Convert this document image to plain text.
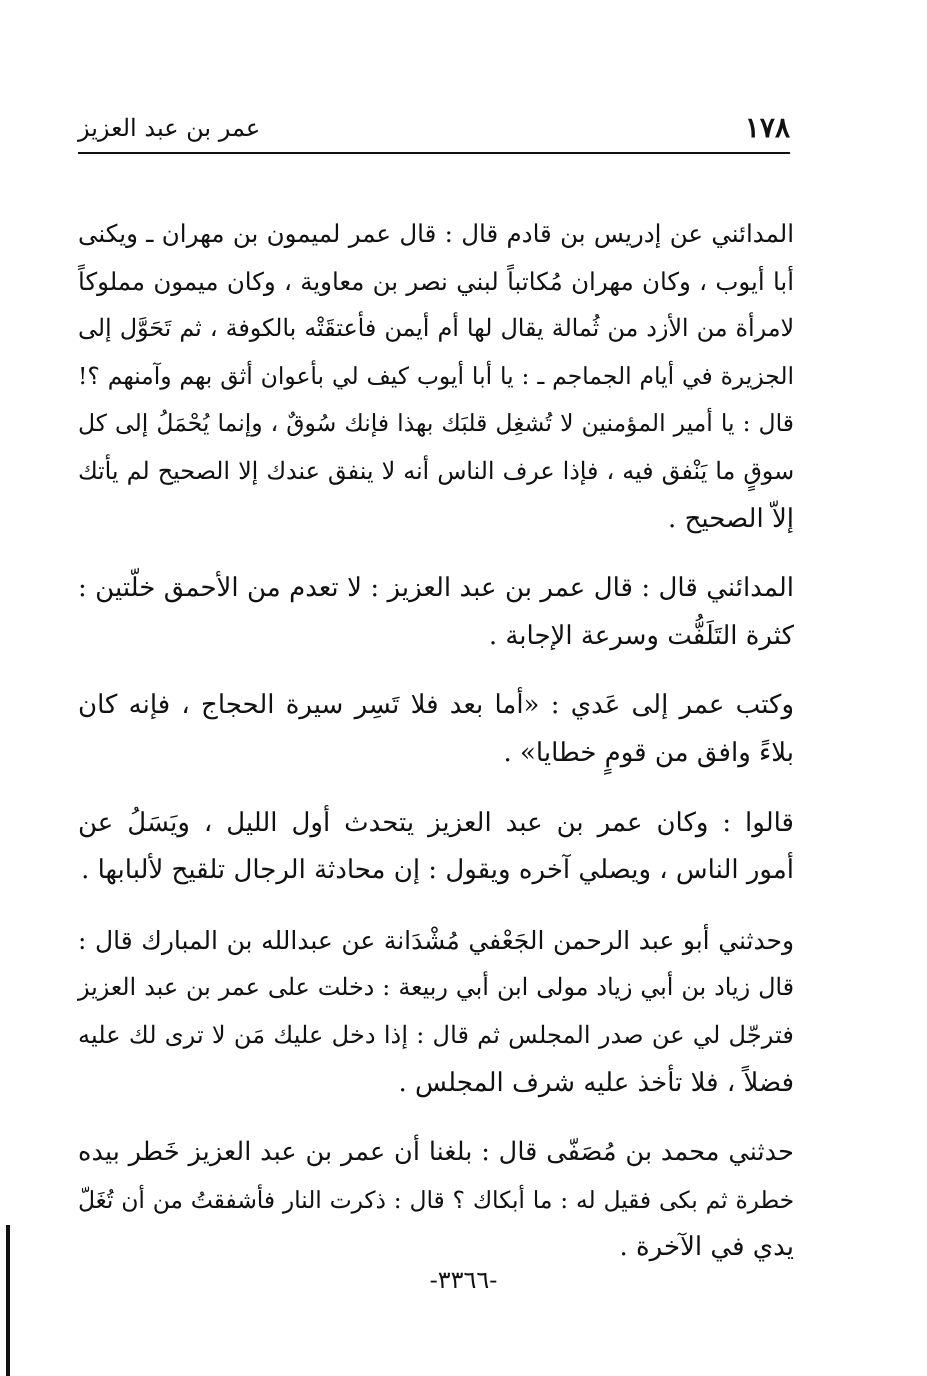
١٧٨
عمر بن عبد العزيز

المدائني عن إدريس بن قادم قال : قال عمر لميمون بن مهران ـ ويكنى
أبا أيوب ، وكان مهران مُكاتباً لبني نصر بن معاوية ، وكان ميمون مملوكاً
لامرأة من الأزد من ثُمالة يقال لها أم أيمن فأعتقَتْه بالكوفة ، ثم تَحَوَّل إلى
الجزيرة في أيام الجماجم ـ : يا أبا أيوب كيف لي بأعوان أثق بهم وآمنهم ؟!
قال : يا أمير المؤمنين لا تُشغِل قلبَك بهذا فإنك سُوقٌ ، وإنما يُحْمَلُ إلى كل
سوقٍ ما يَنْفق فيه ، فإذا عرف الناس أنه لا ينفق عندك إلا الصحيح لم يأتك
إلاّ الصحيح .

المدائني قال : قال عمر بن عبد العزيز : لا تعدم من الأحمق خلّتين :
كثرة التَلَفُّت وسرعة الإجابة .

وكتب عمر إلى عَدي : «أما بعد فلا تَسِر سيرة الحجاج ، فإنه كان
بلاءً وافق من قومٍ خطايا» .

قالوا : وكان عمر بن عبد العزيز يتحدث أول الليل ، ويَسَلُ عن
أمور الناس ، ويصلي آخره ويقول : إن محادثة الرجال تلقيح لألبابها .

وحدثني أبو عبد الرحمن الجَعْفي مُشْدَانة عن عبدالله بن المبارك قال :
قال زياد بن أبي زياد مولى ابن أبي ربيعة : دخلت على عمر بن عبد العزيز
فترجّل لي عن صدر المجلس ثم قال : إذا دخل عليك مَن لا ترى لك عليه
فضلاً ، فلا تأخذ عليه شرف المجلس .

حدثني محمد بن مُصَفّى قال : بلغنا أن عمر بن عبد العزيز خَطر بيده
خطرة ثم بكى فقيل له : ما أبكاك ؟ قال : ذكرت النار فأشفقتُ من أن تُغَلّ
يدي في الآخرة .

-٣٣٦٦-
